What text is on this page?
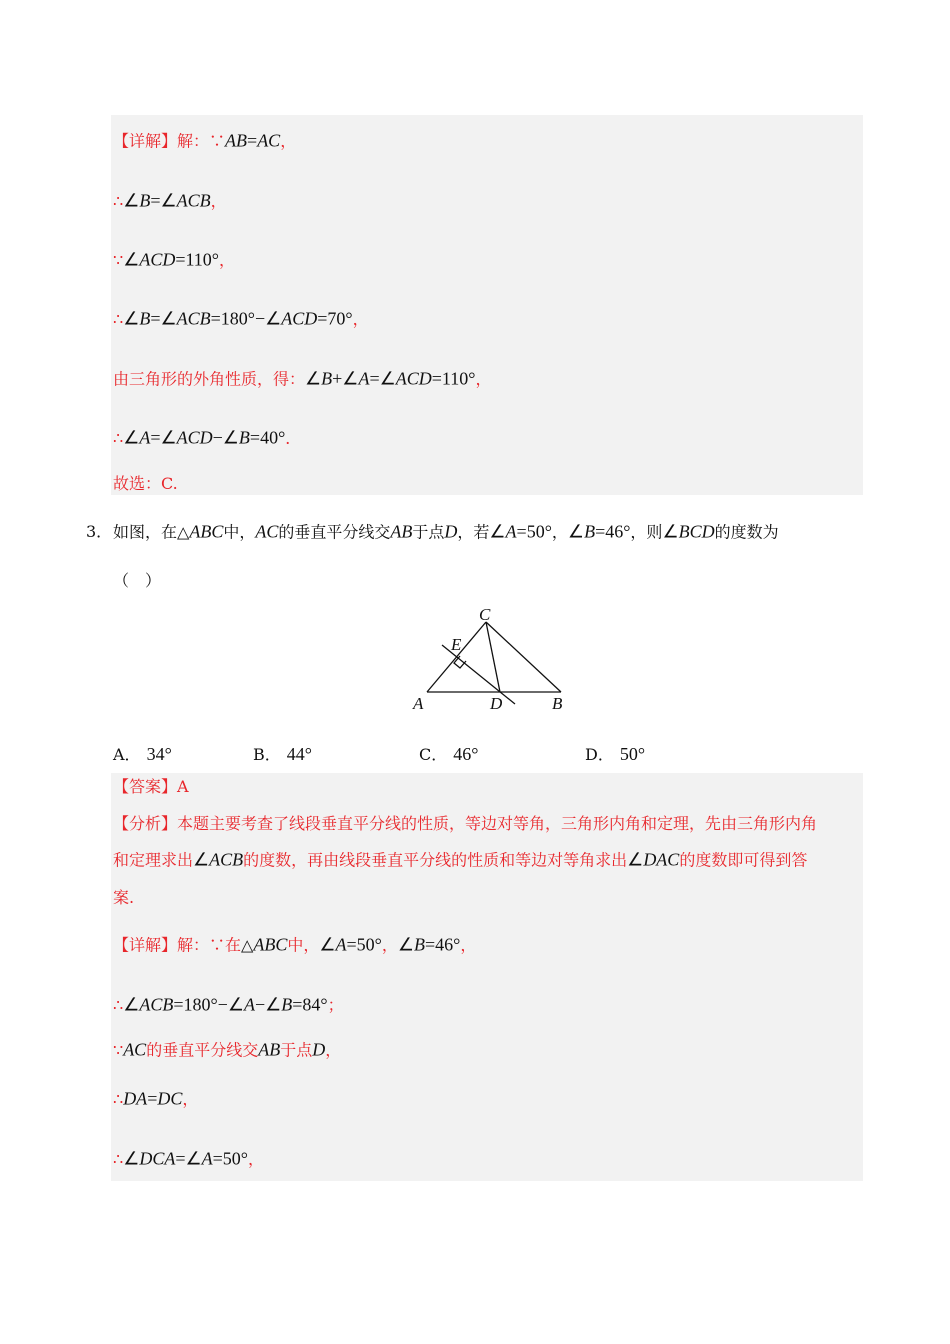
【详解】解：∵AB=AC，
∴∠B=∠ACB，
∵∠ACD=110°，
∴∠B=∠ACB=180°−∠ACD=70°，
由三角形的外角性质，得：∠B+∠A=∠ACD=110°，
∴∠A=∠ACD−∠B=40°．
故选：C.
3． 如图，在△ABC中，AC的垂直平分线交AB于点D，若∠A=50°，∠B=46°，则∠BCD的度数为
（　）
C
E
A	D	B
A． 34°	B． 44°	C． 46°	D． 50°
【答案】A
【分析】本题主要考查了线段垂直平分线的性质，等边对等角，三角形内角和定理，先由三角形内角
和定理求出∠ACB的度数，再由线段垂直平分线的性质和等边对等角求出∠DAC的度数即可得到答
案.
【详解】解：∵在△ABC中，∠A=50°，∠B=46°，
∴∠ACB=180°−∠A−∠B=84°；
∵AC的垂直平分线交AB于点D，
∴DA=DC，
∴∠DCA=∠A=50°，
